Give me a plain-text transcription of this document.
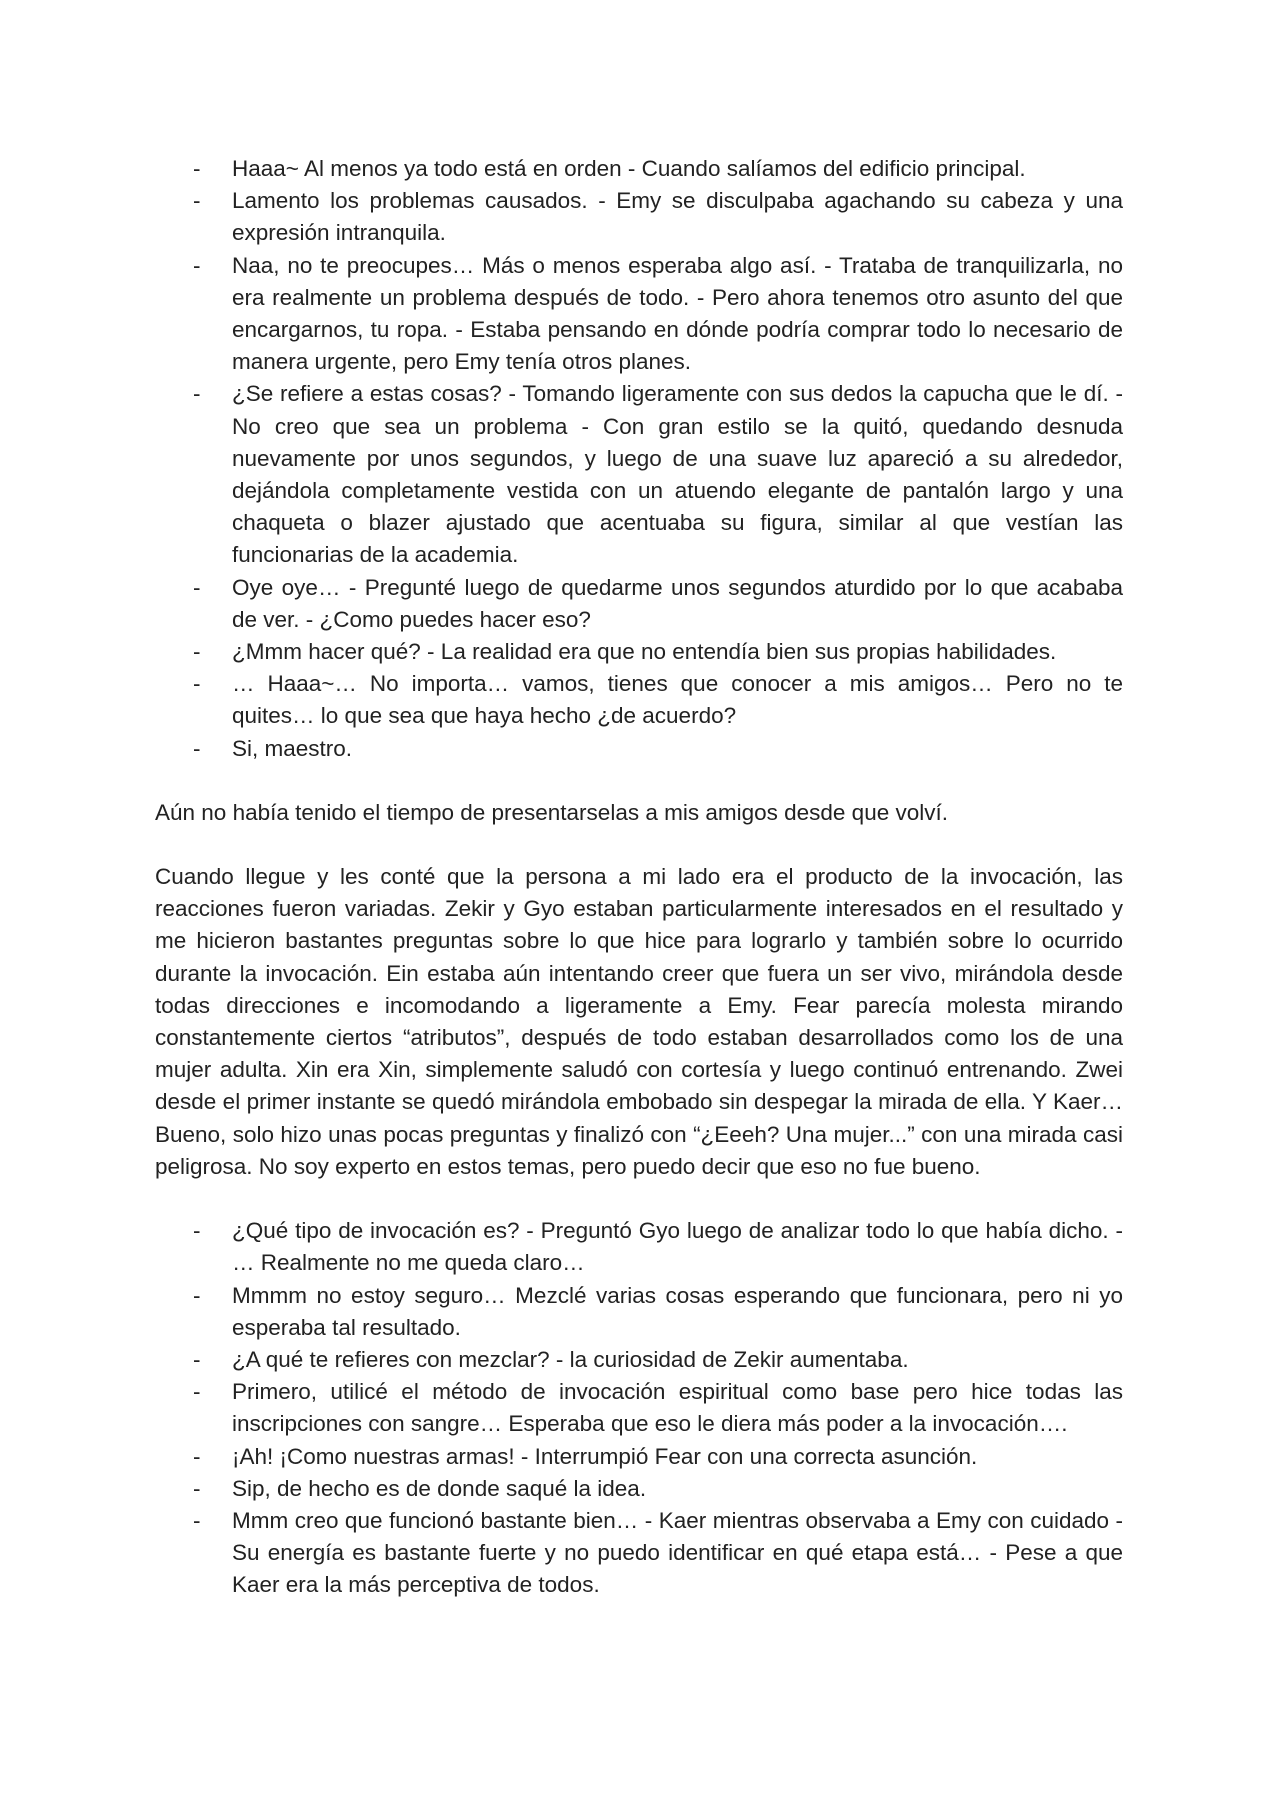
- Haaa~ Al menos ya todo está en orden - Cuando salíamos del edificio principal.
- Lamento los problemas causados. - Emy se disculpaba agachando su cabeza y una expresión intranquila.
- Naa, no te preocupes… Más o menos esperaba algo así. - Trataba de tranquilizarla, no era realmente un problema después de todo. - Pero ahora tenemos otro asunto del que encargarnos, tu ropa. - Estaba pensando en dónde podría comprar todo lo necesario de manera urgente, pero Emy tenía otros planes.
- ¿Se refiere a estas cosas? - Tomando ligeramente con sus dedos la capucha que le dí. - No creo que sea un problema - Con gran estilo se la quitó, quedando desnuda nuevamente por unos segundos, y luego de una suave luz apareció a su alrededor, dejándola completamente vestida con un atuendo elegante de pantalón largo y una chaqueta o blazer ajustado que acentuaba su figura, similar al que vestían las funcionarias de la academia.
- Oye oye… - Pregunté luego de quedarme unos segundos aturdido por lo que acababa de ver. - ¿Como puedes hacer eso?
- ¿Mmm hacer qué? - La realidad era que no entendía bien sus propias habilidades.
- … Haaa~… No importa… vamos, tienes que conocer a mis amigos… Pero no te quites… lo que sea que haya hecho ¿de acuerdo?
- Si, maestro.

Aún no había tenido el tiempo de presentarselas a mis amigos desde que volví.

Cuando llegue y les conté que la persona a mi lado era el producto de la invocación, las reacciones fueron variadas. Zekir y Gyo estaban particularmente interesados en el resultado y me hicieron bastantes preguntas sobre lo que hice para lograrlo y también sobre lo ocurrido durante la invocación. Ein estaba aún intentando creer que fuera un ser vivo, mirándola desde todas direcciones e incomodando a ligeramente a Emy. Fear parecía molesta mirando constantemente ciertos “atributos”, después de todo estaban desarrollados como los de una mujer adulta. Xin era Xin, simplemente saludó con cortesía y luego continuó entrenando. Zwei desde el primer instante se quedó mirándola embobado sin despegar la mirada de ella. Y Kaer… Bueno, solo hizo unas pocas preguntas y finalizó con “¿Eeeh? Una mujer...” con una mirada casi peligrosa. No soy experto en estos temas, pero puedo decir que eso no fue bueno.

- ¿Qué tipo de invocación es? - Preguntó Gyo luego de analizar todo lo que había dicho. - … Realmente no me queda claro…
- Mmmm no estoy seguro… Mezclé varias cosas esperando que funcionara, pero ni yo esperaba tal resultado.
- ¿A qué te refieres con mezclar? - la curiosidad de Zekir aumentaba.
- Primero, utilicé el método de invocación espiritual como base pero hice todas las inscripciones con sangre… Esperaba que eso le diera más poder a la invocación….
- ¡Ah! ¡Como nuestras armas! - Interrumpió Fear con una correcta asunción.
- Sip, de hecho es de donde saqué la idea.
- Mmm creo que funcionó bastante bien… - Kaer mientras observaba a Emy con cuidado - Su energía es bastante fuerte y no puedo identificar en qué etapa está… - Pese a que Kaer era la más perceptiva de todos.
